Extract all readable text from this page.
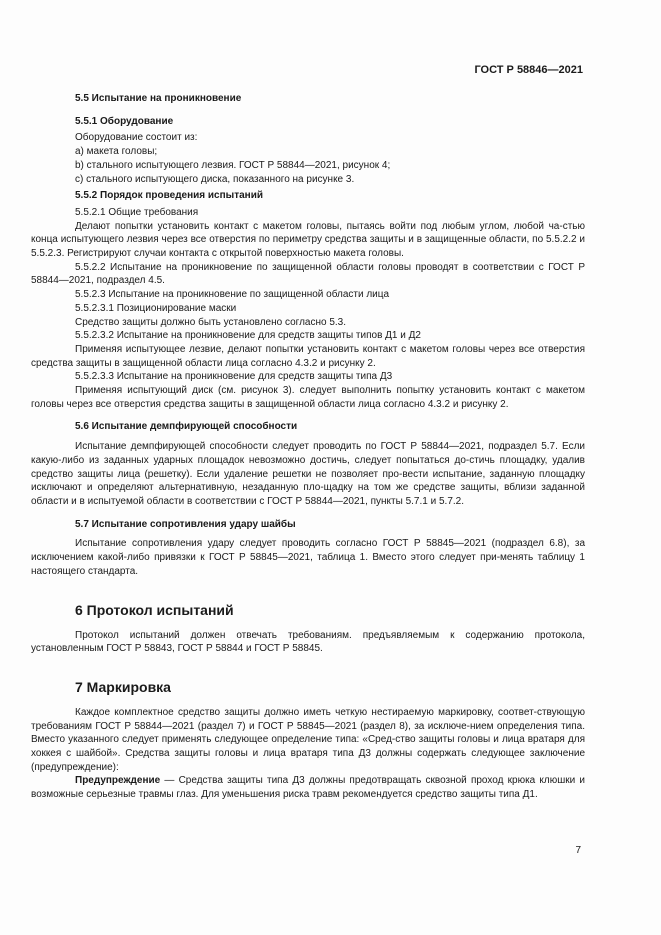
ГОСТ Р 58846—2021

5.5 Испытание на проникновение

5.5.1 Оборудование

Оборудование состоит из:

a) макета головы;

b) стального испытующего лезвия. ГОСТ Р 58844—2021, рисунок 4;

c) стального испытующего диска, показанного на рисунке 3.

5.5.2 Порядок проведения испытаний

5.5.2.1 Общие требования

Делают попытки установить контакт с макетом головы, пытаясь войти под любым углом, любой ча-стью конца испытующего лезвия через все отверстия по периметру средства защиты и в защищенные области, по 5.5.2.2 и 5.5.2.3. Регистрируют случаи контакта с открытой поверхностью макета головы.

5.5.2.2 Испытание на проникновение по защищенной области головы проводят в соответствии с ГОСТ Р 58844—2021, подраздел 4.5.

5.5.2.3 Испытание на проникновение по защищенной области лица

5.5.2.3.1 Позиционирование маски

Средство защиты должно быть установлено согласно 5.3.

5.5.2.3.2 Испытание на проникновение для средств защиты типов Д1 и Д2

Применяя испытующее лезвие, делают попытки установить контакт с макетом головы через все отверстия средства защиты в защищенной области лица согласно 4.3.2 и рисунку 2.

5.5.2.3.3 Испытание на проникновение для средств защиты типа Д3

Применяя испытующий диск (см. рисунок 3). следует выполнить попытку установить контакт с макетом головы через все отверстия средства защиты в защищенной области лица согласно 4.3.2 и рисунку 2.

5.6 Испытание демпфирующей способности

Испытание демпфирующей способности следует проводить по ГОСТ Р 58844—2021, подраздел 5.7. Если какую-либо из заданных ударных площадок невозможно достичь, следует попытаться до-стичь площадку, удалив средство защиты лица (решетку). Если удаление решетки не позволяет про-вести испытание, заданную площадку исключают и определяют альтернативную, незаданную пло-щадку на том же средстве защиты, вблизи заданной области и в испытуемой области в соответствии с ГОСТ Р 58844—2021, пункты 5.7.1 и 5.7.2.

5.7 Испытание сопротивления удару шайбы

Испытание сопротивления удару следует проводить согласно ГОСТ Р 58845—2021 (подраздел 6.8), за исключением какой-либо привязки к ГОСТ Р 58845—2021, таблица 1. Вместо этого следует при-менять таблицу 1 настоящего стандарта.

6 Протокол испытаний

Протокол испытаний должен отвечать требованиям. предъявляемым к содержанию протокола, установленным ГОСТ Р 58843, ГОСТ Р 58844 и ГОСТ Р 58845.

7 Маркировка

Каждое комплектное средство защиты должно иметь четкую нестираемую маркировку, соответ-ствующую требованиям ГОСТ Р 58844—2021 (раздел 7) и ГОСТ Р 58845—2021 (раздел 8), за исключе-нием определения типа. Вместо указанного следует применять следующее определение типа: «Сред-ство защиты головы и лица вратаря для хоккея с шайбой». Средства защиты головы и лица вратаря типа Д3 должны содержать следующее заключение (предупреждение):

Предупреждение — Средства защиты типа Д3 должны предотвращать сквозной проход крюка клюшки и возможные серьезные травмы глаз. Для уменьшения риска травм рекомендуется средство защиты типа Д1.

7
